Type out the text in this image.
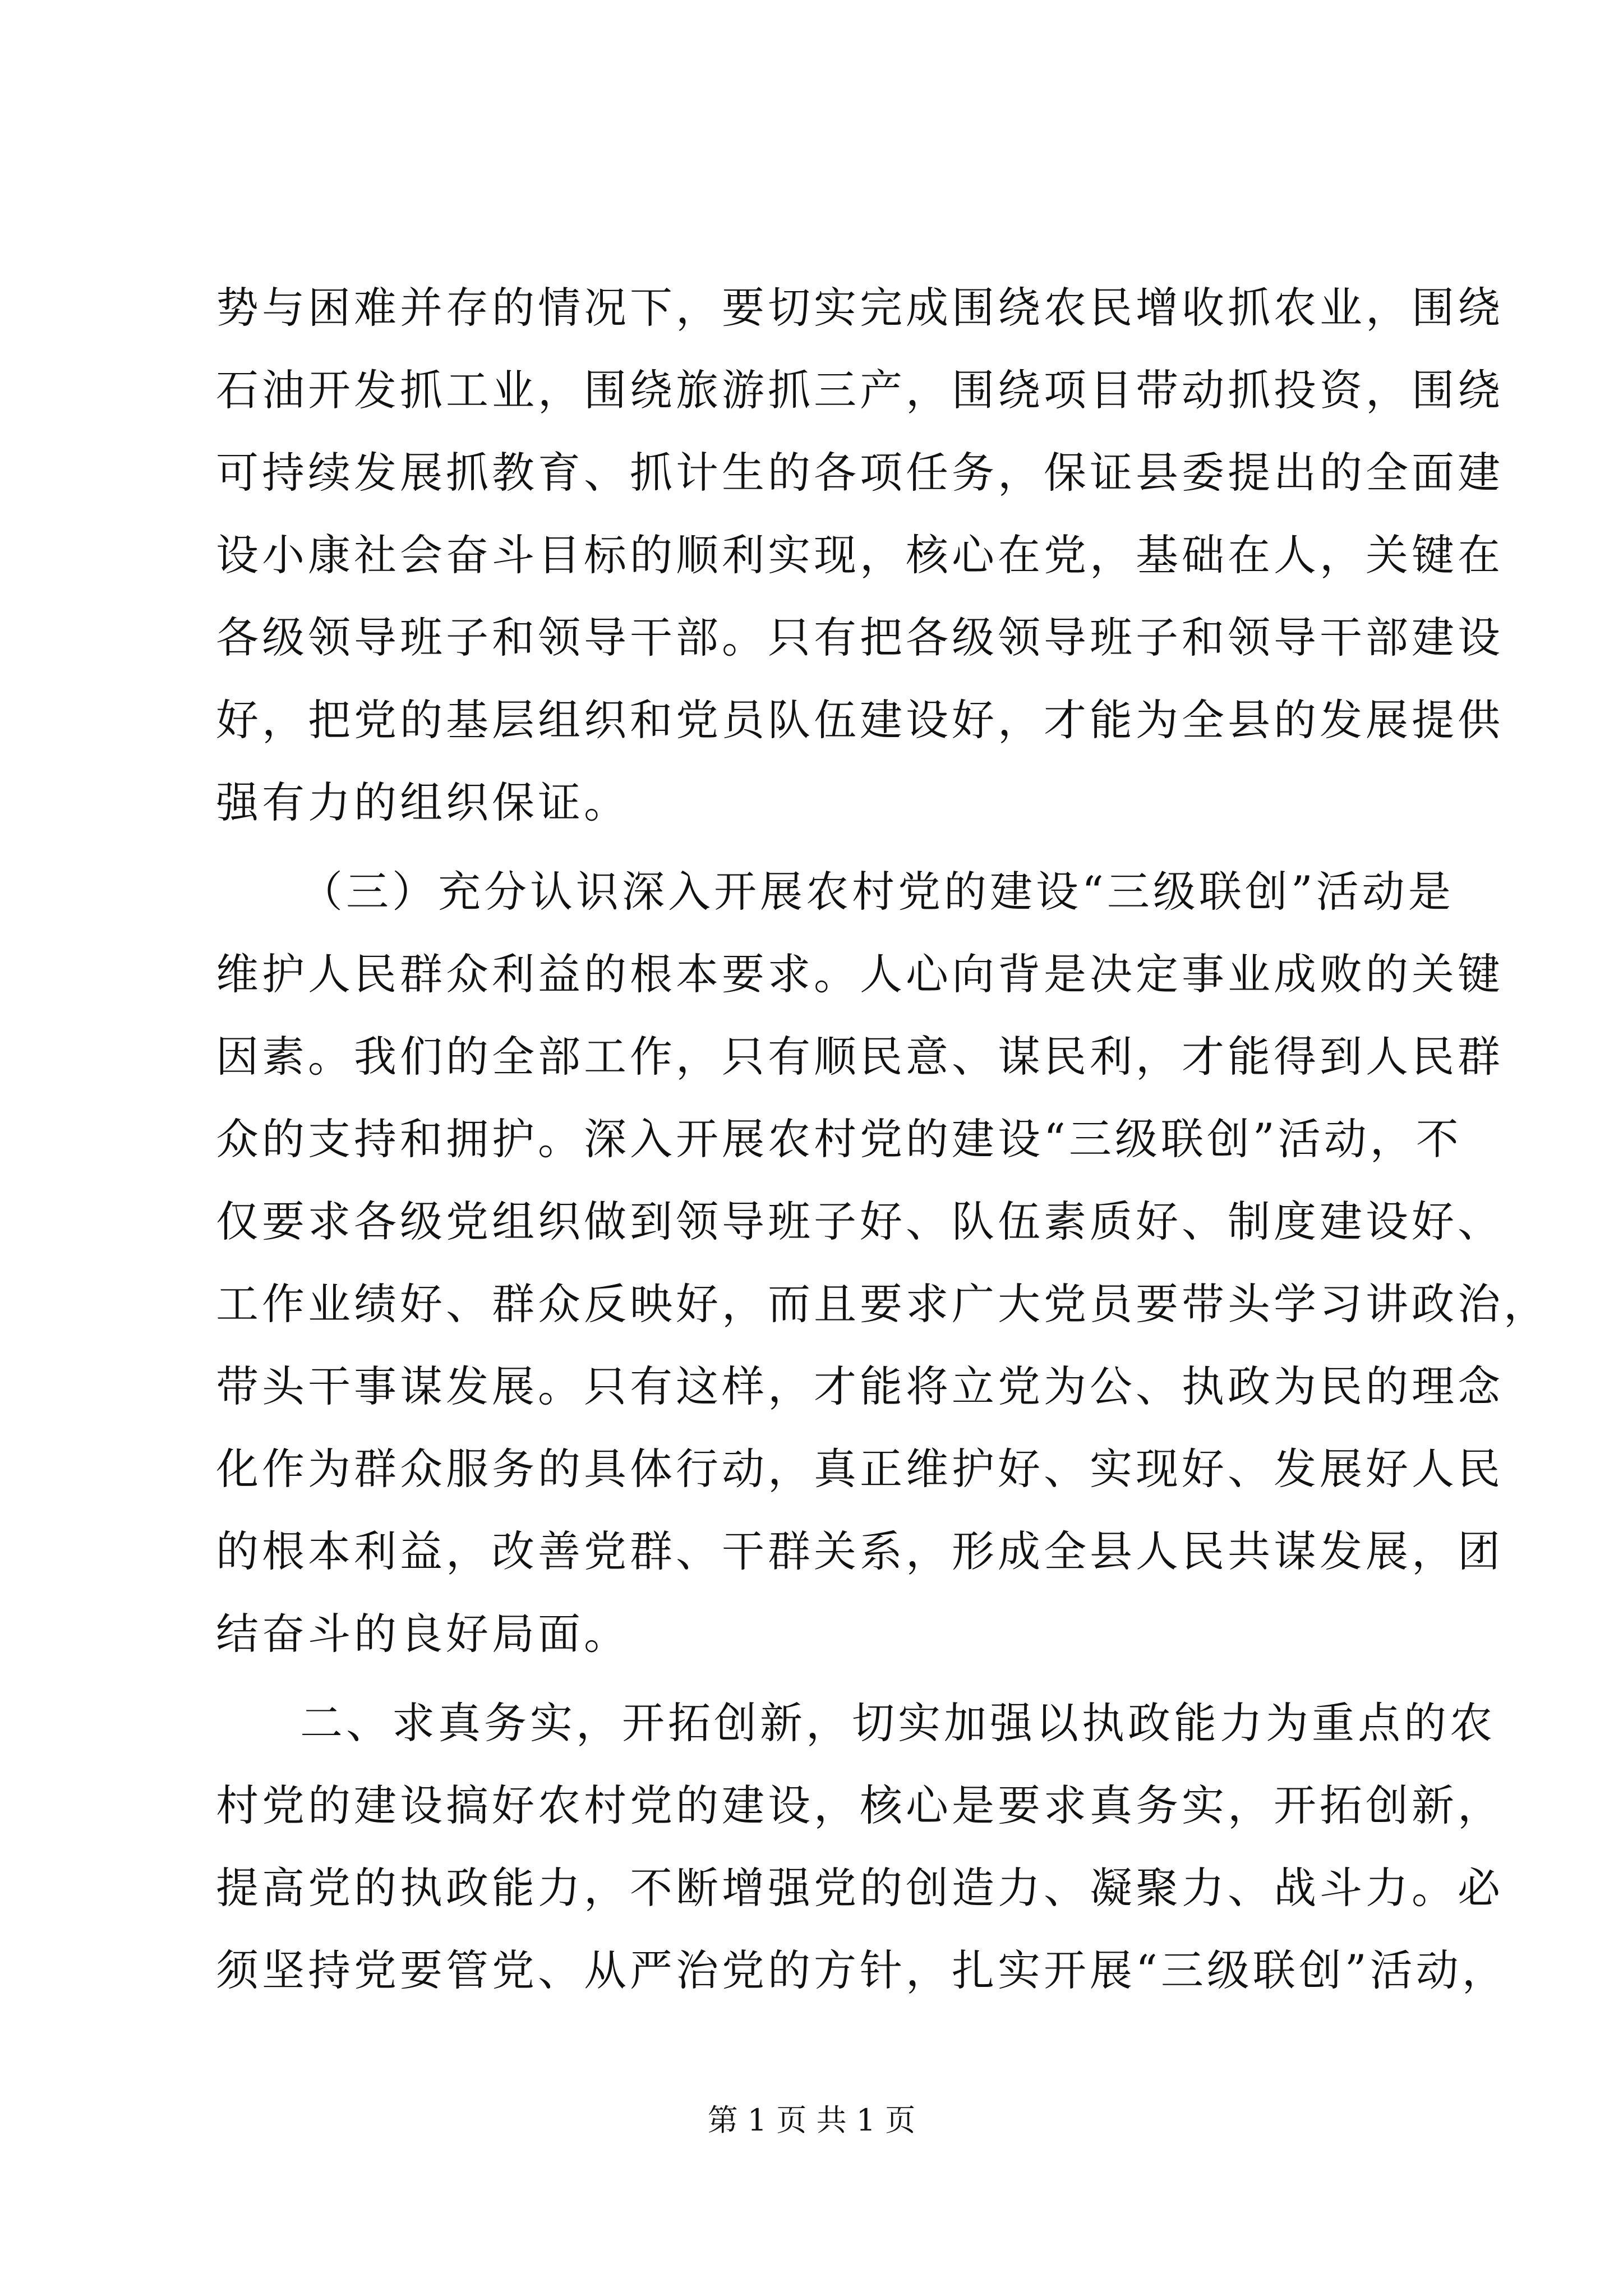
势与困难并存的情况下，要切实完成围绕农民增收抓农业，围绕
石油开发抓工业，围绕旅游抓三产，围绕项目带动抓投资，围绕
可持续发展抓教育、抓计生的各项任务，保证县委提出的全面建
设小康社会奋斗目标的顺利实现，核心在党，基础在人，关键在
各级领导班子和领导干部。只有把各级领导班子和领导干部建设
好，把党的基层组织和党员队伍建设好，才能为全县的发展提供
强有力的组织保证。
（三）充分认识深入开展农村党的建设“三级联创”活动是
维护人民群众利益的根本要求。人心向背是决定事业成败的关键
因素。我们的全部工作，只有顺民意、谋民利，才能得到人民群
众的支持和拥护。深入开展农村党的建设“三级联创”活动，不
仅要求各级党组织做到领导班子好、队伍素质好、制度建设好、
工作业绩好、群众反映好，而且要求广大党员要带头学习讲政治，
带头干事谋发展。只有这样，才能将立党为公、执政为民的理念
化作为群众服务的具体行动，真正维护好、实现好、发展好人民
的根本利益，改善党群、干群关系，形成全县人民共谋发展，团
结奋斗的良好局面。
二、求真务实，开拓创新，切实加强以执政能力为重点的农
村党的建设搞好农村党的建设，核心是要求真务实，开拓创新，
提高党的执政能力，不断增强党的创造力、凝聚力、战斗力。必
须坚持党要管党、从严治党的方针，扎实开展“三级联创”活动，
第 1 页 共 1 页
